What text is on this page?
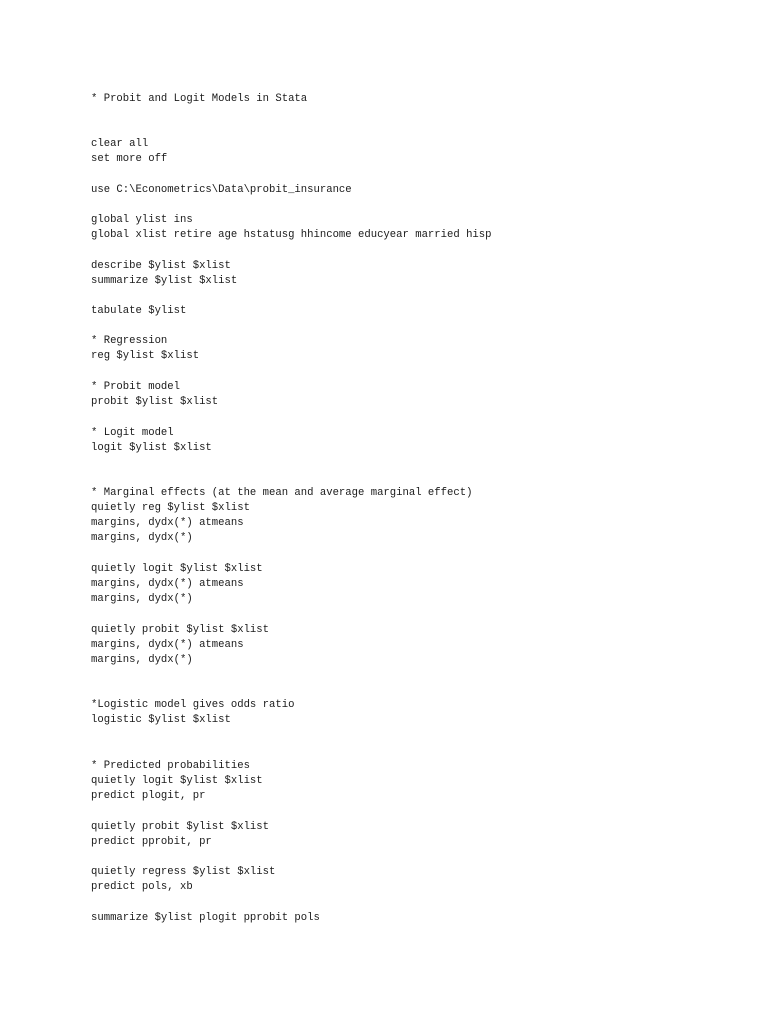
* Probit and Logit Models in Stata

clear all

set more off

use C:\Econometrics\Data\probit_insurance

global ylist ins

global xlist retire age hstatusg hhincome educyear married hisp

describe $ylist $xlist

summarize $ylist $xlist

tabulate $ylist

* Regression

reg $ylist $xlist

* Probit model

probit $ylist $xlist

* Logit model

logit $ylist $xlist

* Marginal effects (at the mean and average marginal effect)

quietly reg $ylist $xlist

margins, dydx(*) atmeans

margins, dydx(*)

quietly logit $ylist $xlist

margins, dydx(*) atmeans

margins, dydx(*)

quietly probit $ylist $xlist

margins, dydx(*) atmeans

margins, dydx(*)

*Logistic model gives odds ratio

logistic $ylist $xlist

* Predicted probabilities

quietly logit $ylist $xlist

predict plogit, pr

quietly probit $ylist $xlist

predict pprobit, pr

quietly regress $ylist $xlist

predict pols, xb

summarize $ylist plogit pprobit pols
